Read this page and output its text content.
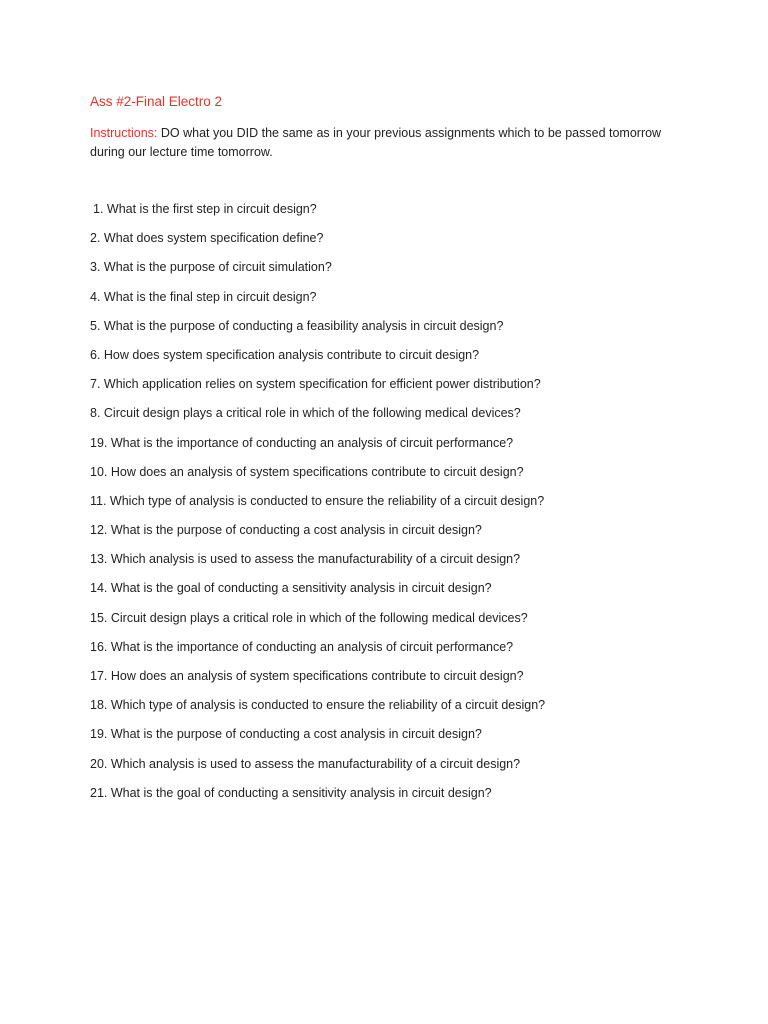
Ass #2-Final Electro 2
Instructions: DO what you DID the same as in your previous assignments which to be passed tomorrow during our lecture time tomorrow.
1. What is the first step in circuit design?
2. What does system specification define?
3. What is the purpose of circuit simulation?
4. What is the final step in circuit design?
5. What is the purpose of conducting a feasibility analysis in circuit design?
6. How does system specification analysis contribute to circuit design?
7. Which application relies on system specification for efficient power distribution?
8. Circuit design plays a critical role in which of the following medical devices?
19. What is the importance of conducting an analysis of circuit performance?
10. How does an analysis of system specifications contribute to circuit design?
11. Which type of analysis is conducted to ensure the reliability of a circuit design?
12. What is the purpose of conducting a cost analysis in circuit design?
13. Which analysis is used to assess the manufacturability of a circuit design?
14. What is the goal of conducting a sensitivity analysis in circuit design?
15. Circuit design plays a critical role in which of the following medical devices?
16. What is the importance of conducting an analysis of circuit performance?
17. How does an analysis of system specifications contribute to circuit design?
18. Which type of analysis is conducted to ensure the reliability of a circuit design?
19. What is the purpose of conducting a cost analysis in circuit design?
20. Which analysis is used to assess the manufacturability of a circuit design?
21. What is the goal of conducting a sensitivity analysis in circuit design?
